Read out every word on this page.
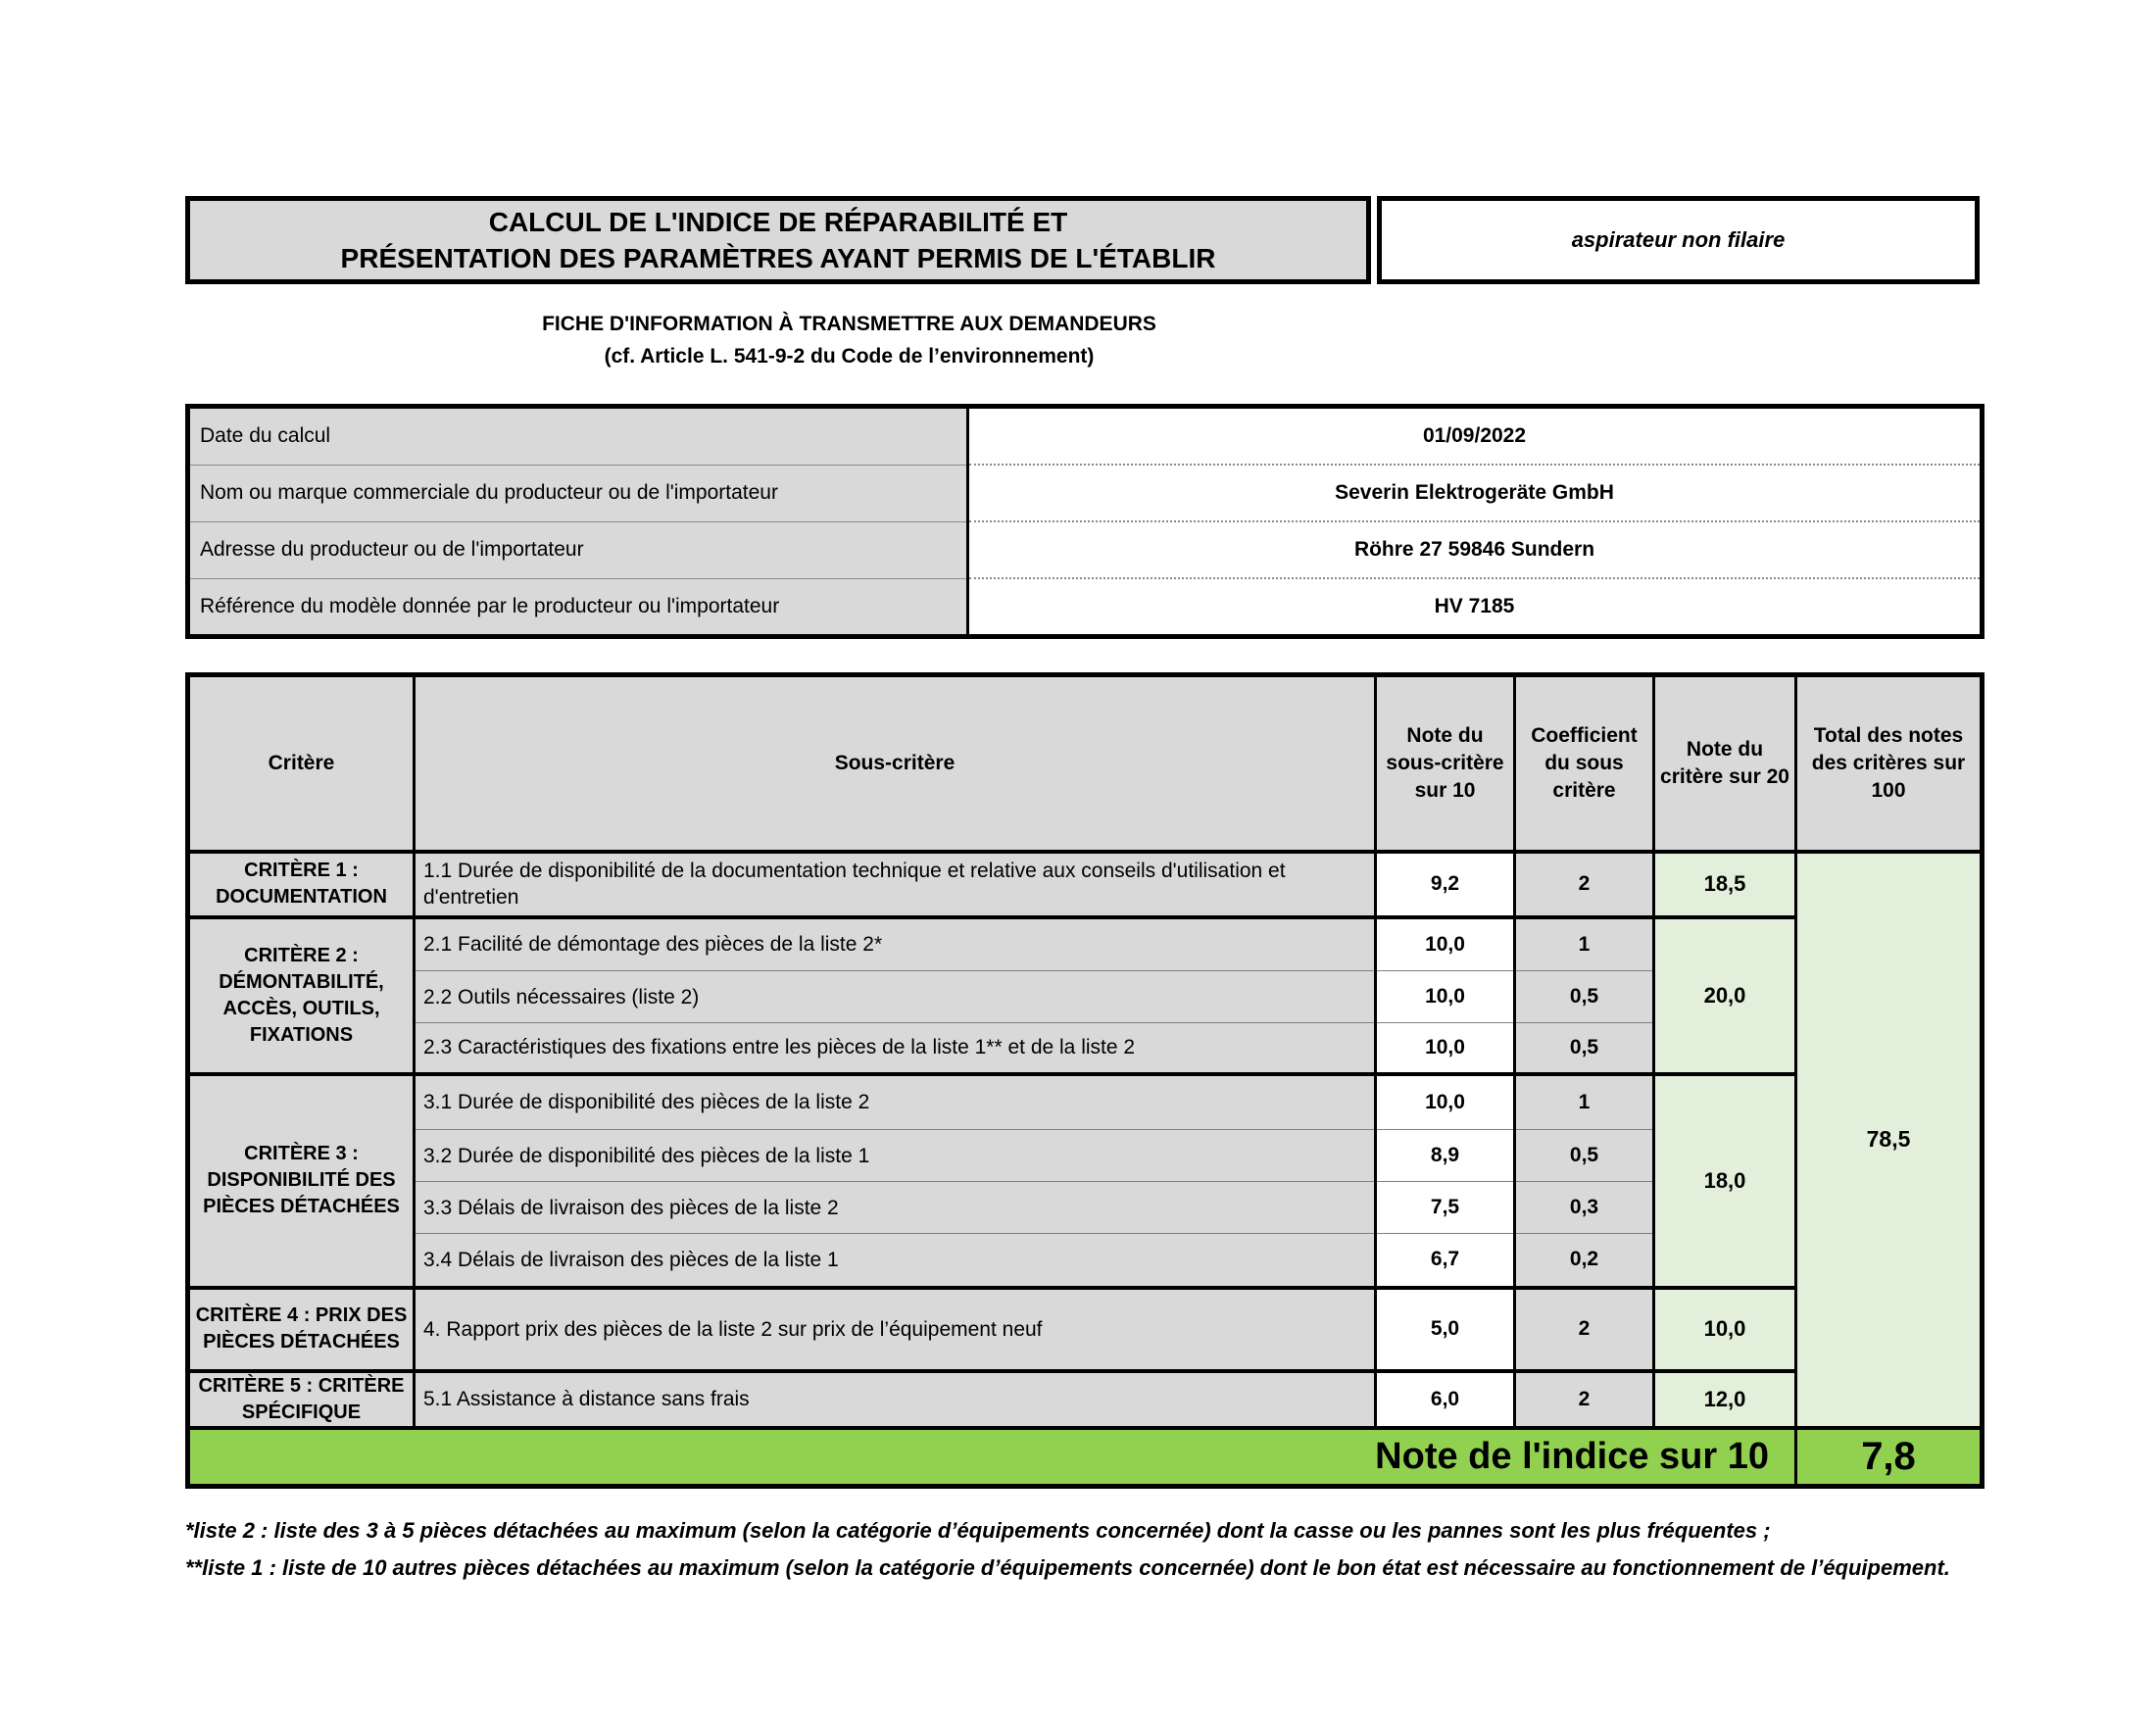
CALCUL DE L'INDICE DE RÉPARABILITÉ ET
PRÉSENTATION DES PARAMÈTRES AYANT PERMIS DE L'ÉTABLIR
aspirateur non filaire
FICHE D'INFORMATION À TRANSMETTRE AUX DEMANDEURS
(cf. Article L. 541-9-2 du Code de l’environnement)
Date du calcul	01/09/2022
Nom ou marque commerciale du producteur ou de l'importateur	Severin Elektrogeräte GmbH
Adresse du producteur ou de l'importateur	Röhre 27 59846 Sundern
Référence du modèle donnée par le producteur ou l'importateur	HV 7185
Critère	Sous-critère	Note du sous-critère sur 10	Coefficient du sous critère	Note du critère sur 20	Total des notes des critères sur 100
CRITÈRE 1 : DOCUMENTATION	1.1 Durée de disponibilité de la documentation technique et relative aux conseils d'utilisation et d'entretien	9,2	2	18,5	78,5
CRITÈRE 2 : DÉMONTABILITÉ, ACCÈS, OUTILS, FIXATIONS	2.1 Facilité de démontage des pièces de la liste 2*	10,0	1	20,0	
	2.2 Outils nécessaires (liste 2)	10,0	0,5		
	2.3 Caractéristiques des fixations entre les pièces de la liste 1** et de la liste 2	10,0	0,5		
CRITÈRE 3 : DISPONIBILITÉ DES PIÈCES DÉTACHÉES	3.1 Durée de disponibilité des pièces de la liste 2	10,0	1	18,0	
	3.2 Durée de disponibilité des pièces de la liste 1	8,9	0,5		
	3.3 Délais de livraison des pièces de la liste 2	7,5	0,3		
	3.4 Délais de livraison des pièces de la liste 1	6,7	0,2		
CRITÈRE 4 : PRIX DES PIÈCES DÉTACHÉES	4. Rapport prix des pièces de la liste 2 sur prix de l’équipement neuf	5,0	2	10,0	
CRITÈRE 5 : CRITÈRE SPÉCIFIQUE	5.1 Assistance à distance sans frais	6,0	2	12,0	
Note de l'indice sur 10					7,8
*liste 2 : liste des 3 à 5 pièces détachées au maximum (selon la catégorie d’équipements concernée) dont la casse ou les pannes sont les plus fréquentes ;
**liste 1 : liste de 10 autres pièces détachées au maximum (selon la catégorie d’équipements concernée) dont le bon état est nécessaire au fonctionnement de l’équipement.
